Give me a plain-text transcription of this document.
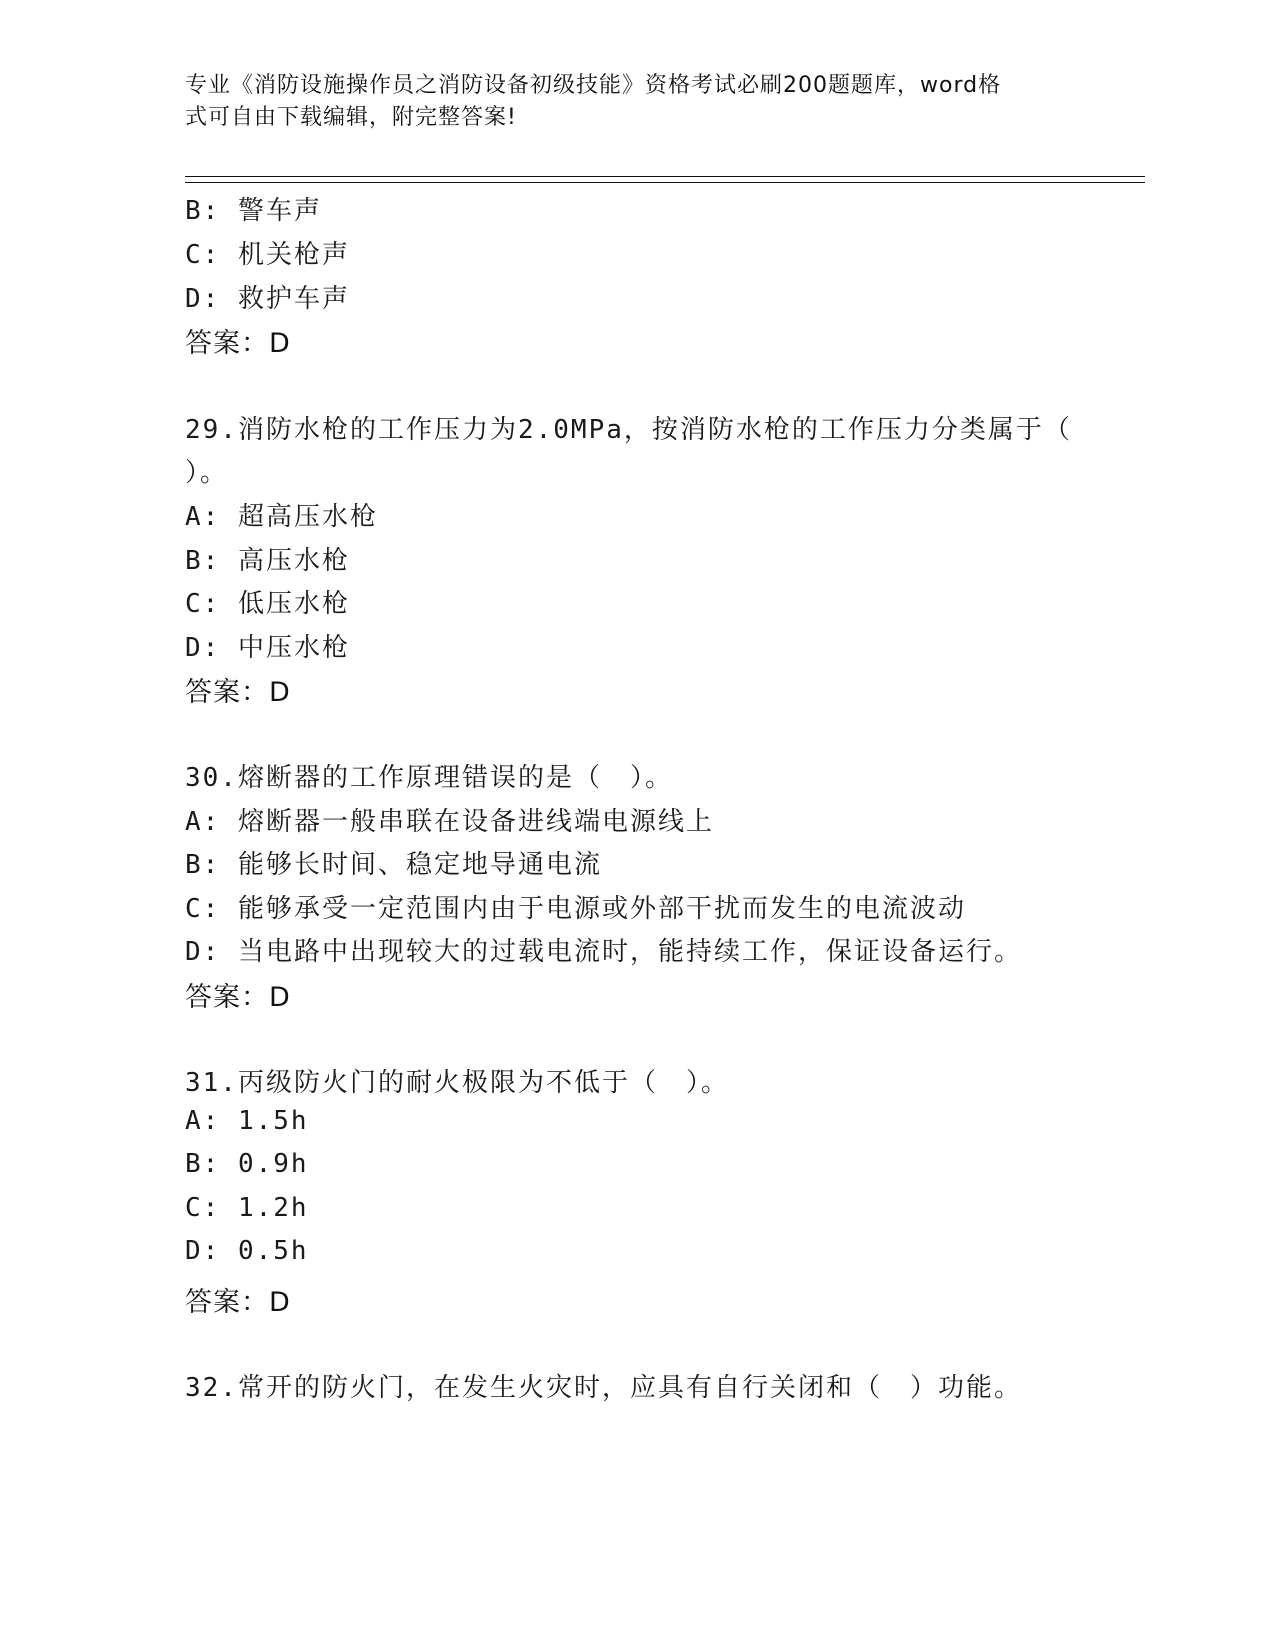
专业《消防设施操作员之消防设备初级技能》资格考试必刷200题题库，word格
式可自由下载编辑，附完整答案!
B: 警车声
C: 机关枪声
D: 救护车声
答案：D
29.消防水枪的工作压力为2.0MPa，按消防水枪的工作压力分类属于（
）。
A: 超高压水枪
B: 高压水枪
C: 低压水枪
D: 中压水枪
答案：D
30.熔断器的工作原理错误的是（　）。
A: 熔断器一般串联在设备进线端电源线上
B: 能够长时间、稳定地导通电流
C: 能够承受一定范围内由于电源或外部干扰而发生的电流波动
D: 当电路中出现较大的过载电流时，能持续工作，保证设备运行。
答案：D
31.丙级防火门的耐火极限为不低于（　）。
A: 1.5h
B: 0.9h
C: 1.2h
D: 0.5h
答案：D
32.常开的防火门，在发生火灾时，应具有自行关闭和（　）功能。
